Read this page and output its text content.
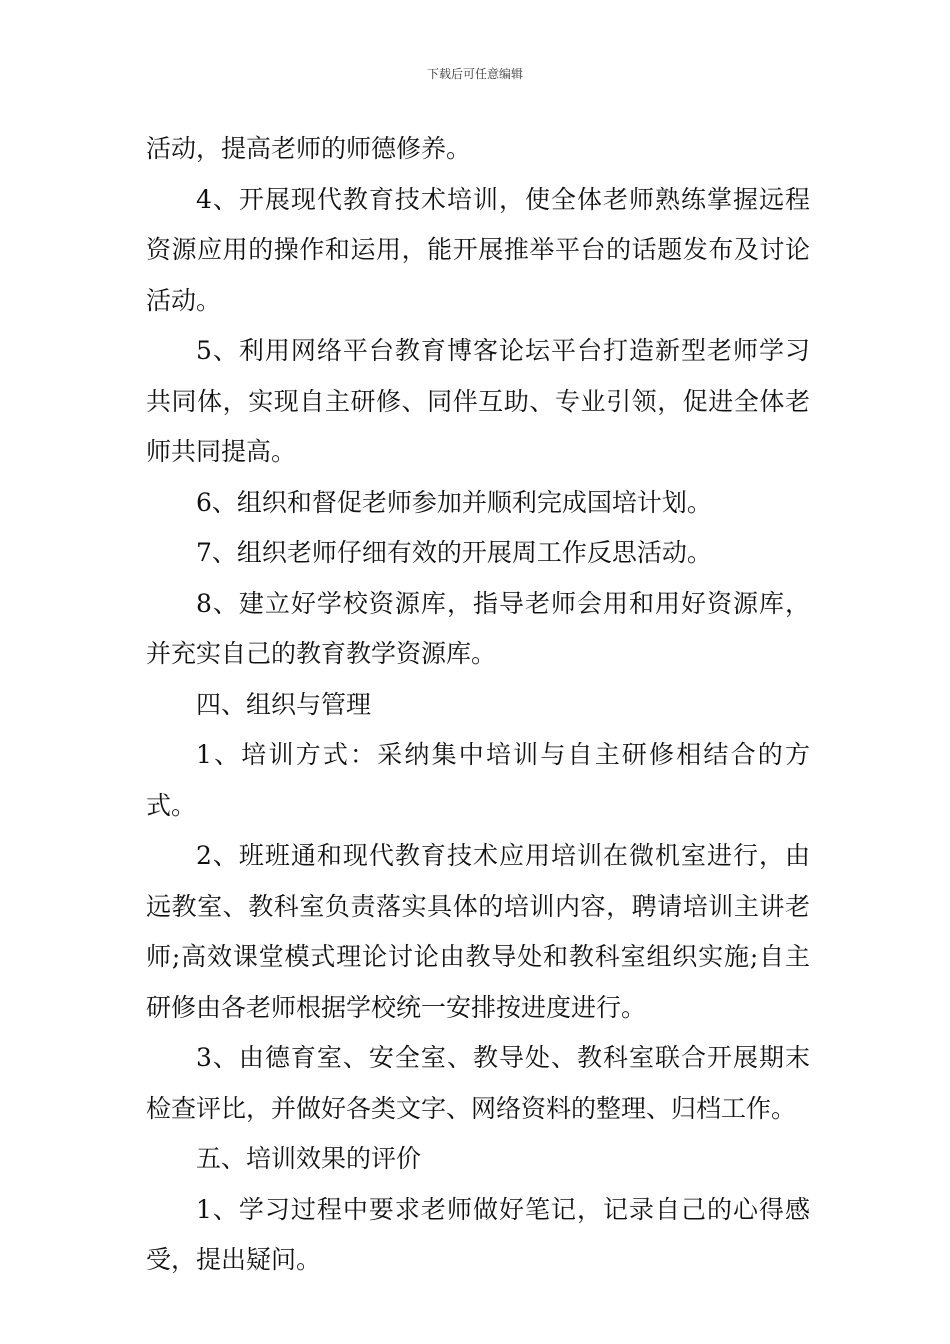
下载后可任意编辑

活动，提高老师的师德修养。

4、开展现代教育技术培训，使全体老师熟练掌握远程资源应用的操作和运用，能开展推举平台的话题发布及讨论活动。

5、利用网络平台教育博客论坛平台打造新型老师学习共同体，实现自主研修、同伴互助、专业引领，促进全体老师共同提高。

6、组织和督促老师参加并顺利完成国培计划。

7、组织老师仔细有效的开展周工作反思活动。

8、建立好学校资源库，指导老师会用和用好资源库，并充实自己的教育教学资源库。

四、组织与管理

1、培训方式：采纳集中培训与自主研修相结合的方式。

2、班班通和现代教育技术应用培训在微机室进行，由远教室、教科室负责落实具体的培训内容，聘请培训主讲老师;高效课堂模式理论讨论由教导处和教科室组织实施;自主研修由各老师根据学校统一安排按进度进行。

3、由德育室、安全室、教导处、教科室联合开展期末检查评比，并做好各类文字、网络资料的整理、归档工作。

五、培训效果的评价

1、学习过程中要求老师做好笔记，记录自己的心得感受，提出疑问。
